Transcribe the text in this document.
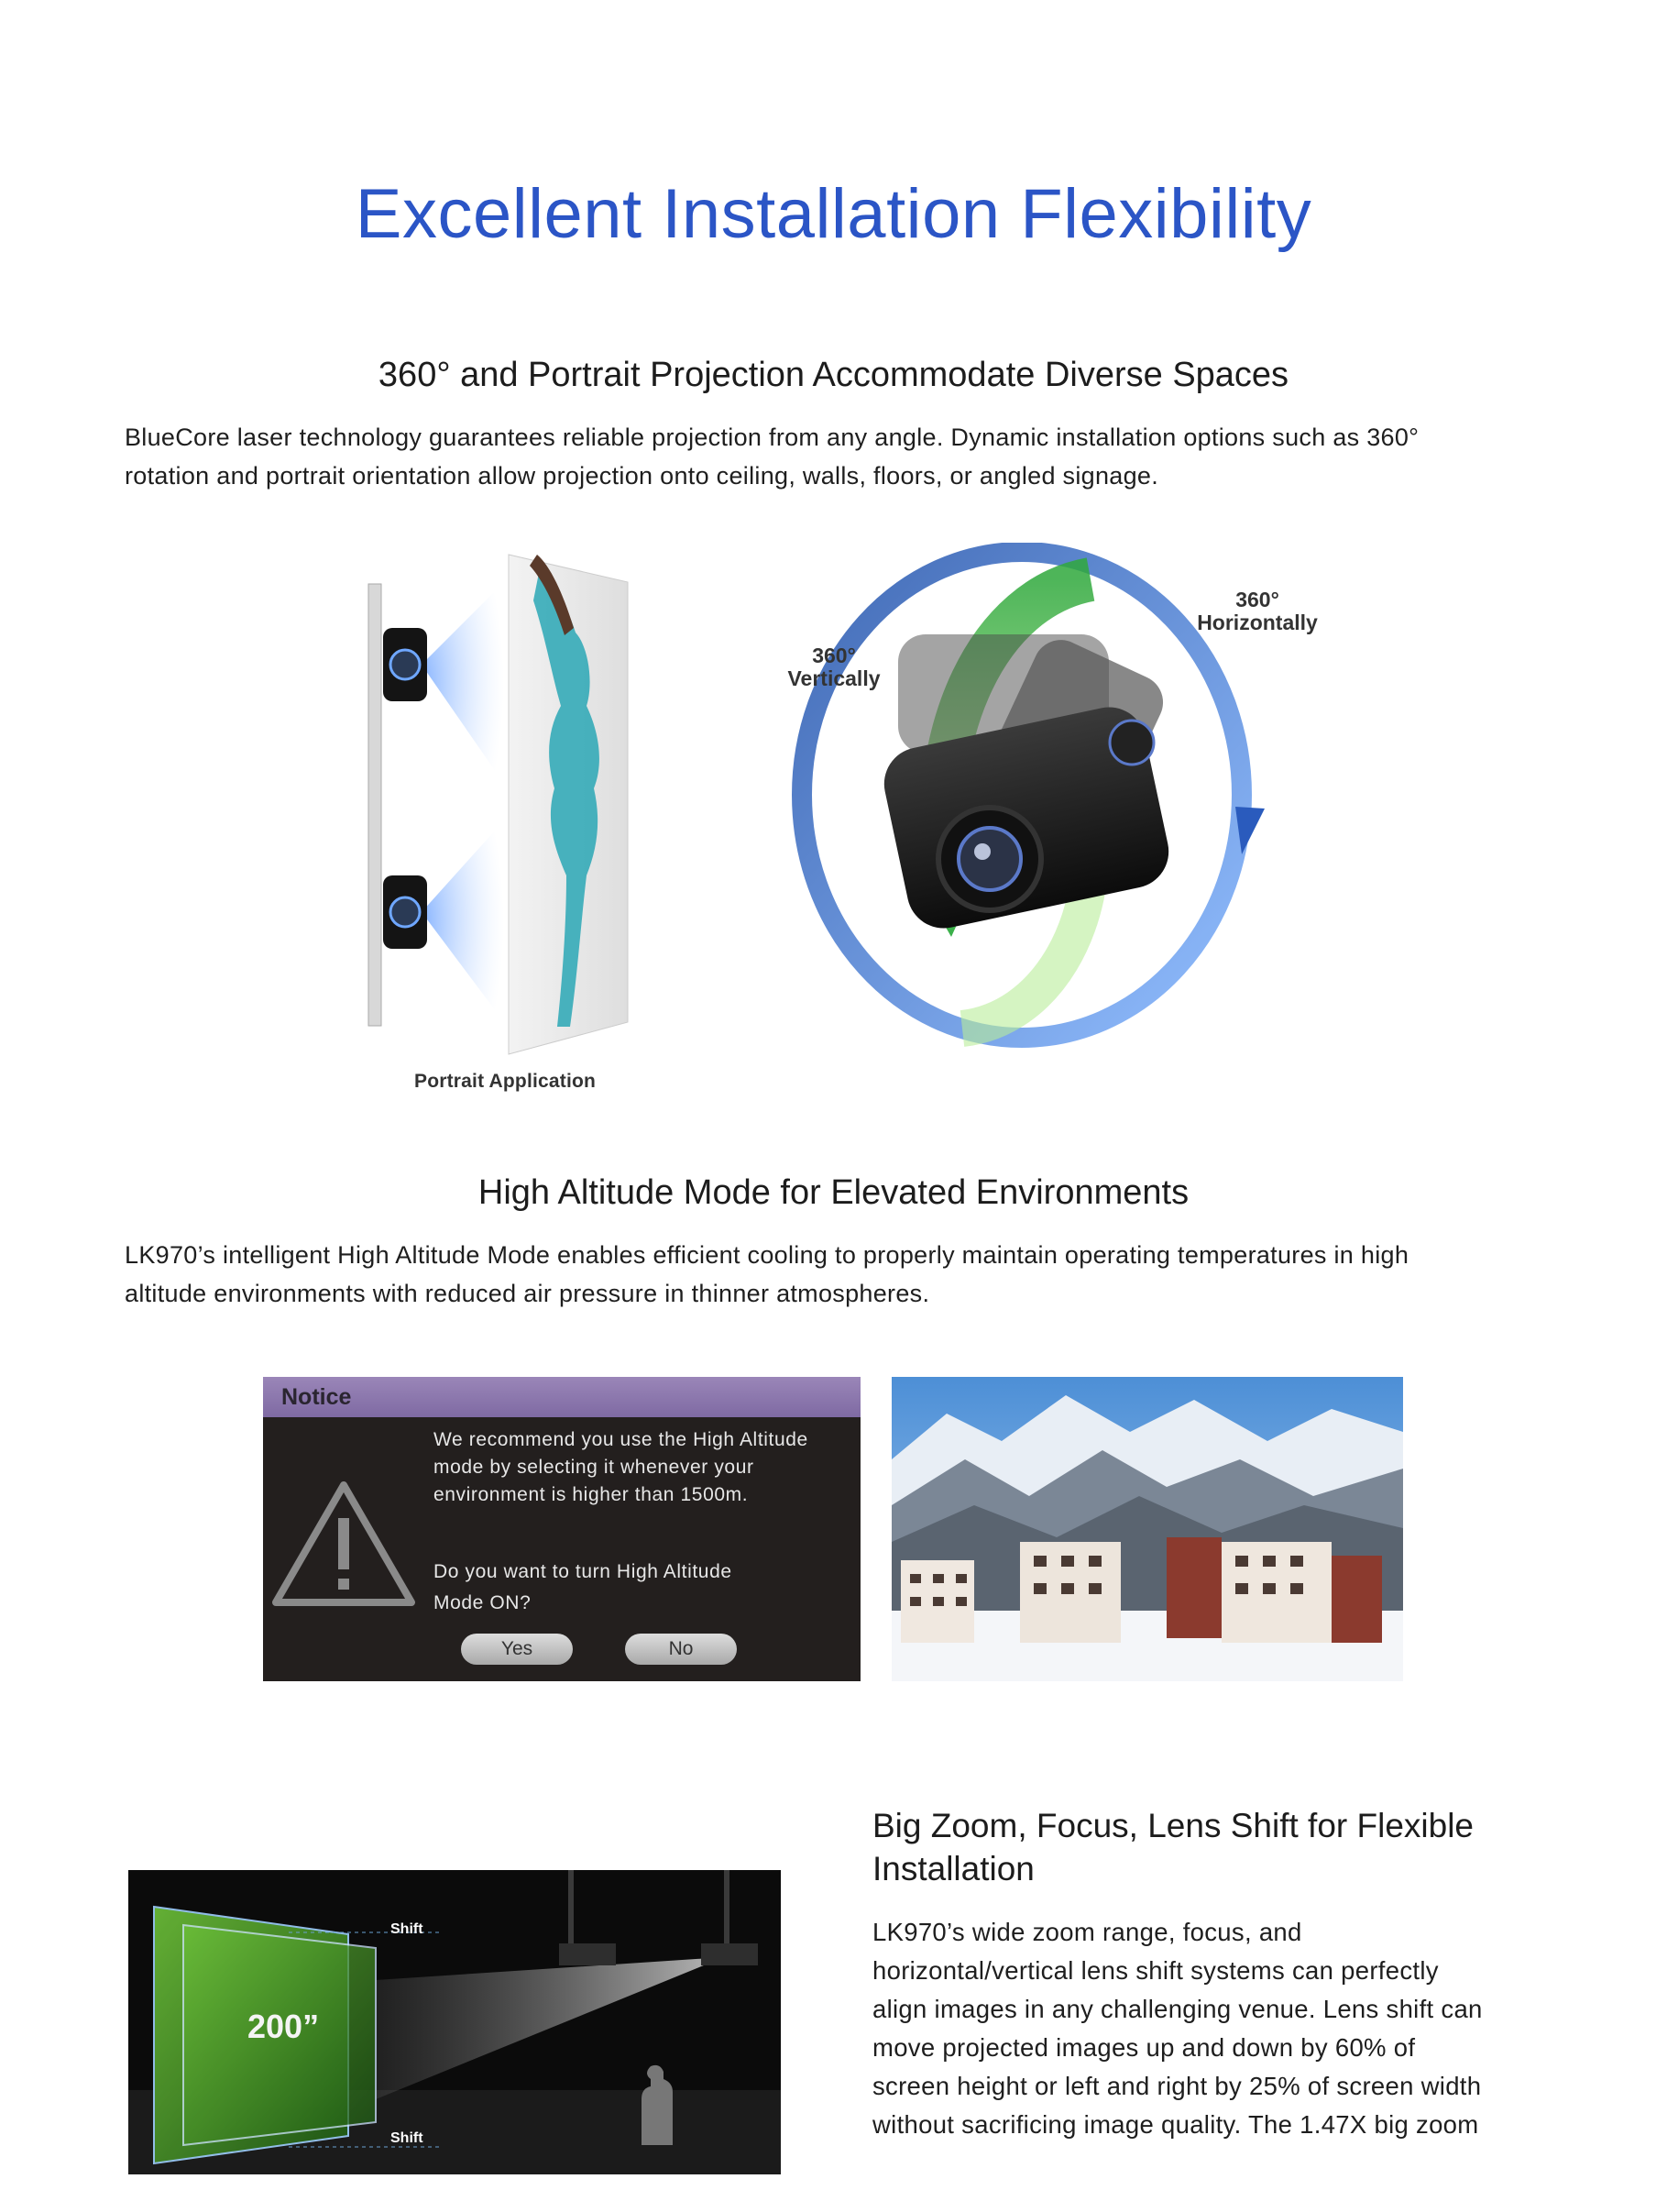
Excellent Installation Flexibility
360° and Portrait Projection Accommodate Diverse Spaces
BlueCore laser technology guarantees reliable projection from any angle. Dynamic installation options such as 360°
rotation and portrait orientation allow projection onto ceiling, walls, floors, or angled signage.
Portrait Application
360°
Vertically
360°
Horizontally
High Altitude Mode for Elevated Environments
LK970’s intelligent High Altitude Mode enables efficient cooling to properly maintain operating temperatures in high
altitude environments with reduced air pressure in thinner atmospheres.
Notice
We recommend you use the High Altitude
mode by selecting it whenever your
environment is higher than 1500m.
Do you want to turn High Altitude
Mode ON?
Yes	No
200”
Shift
Shift
Big Zoom, Focus, Lens Shift for Flexible
Installation
LK970’s wide zoom range, focus, and
horizontal/vertical lens shift systems can perfectly
align images in any challenging venue. Lens shift can
move projected images up and down by 60% of
screen height or left and right by 25% of screen width
without sacrificing image quality. The 1.47X big zoom
